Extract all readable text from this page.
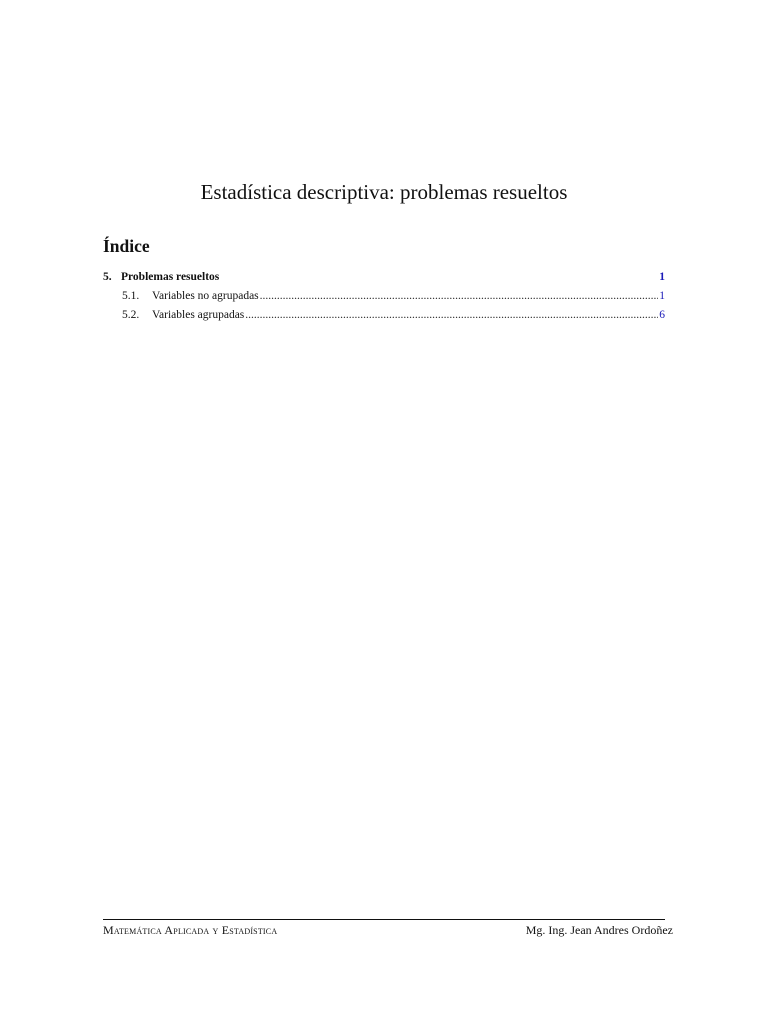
Estadística descriptiva: problemas resueltos
Índice
5. Problemas resueltos	1
5.1.	Variables no agrupadas .....	1
5.2.	Variables agrupadas .....	6
Matemática Aplicada y Estadística	Mg. Ing. Jean Andres Ordoñez
